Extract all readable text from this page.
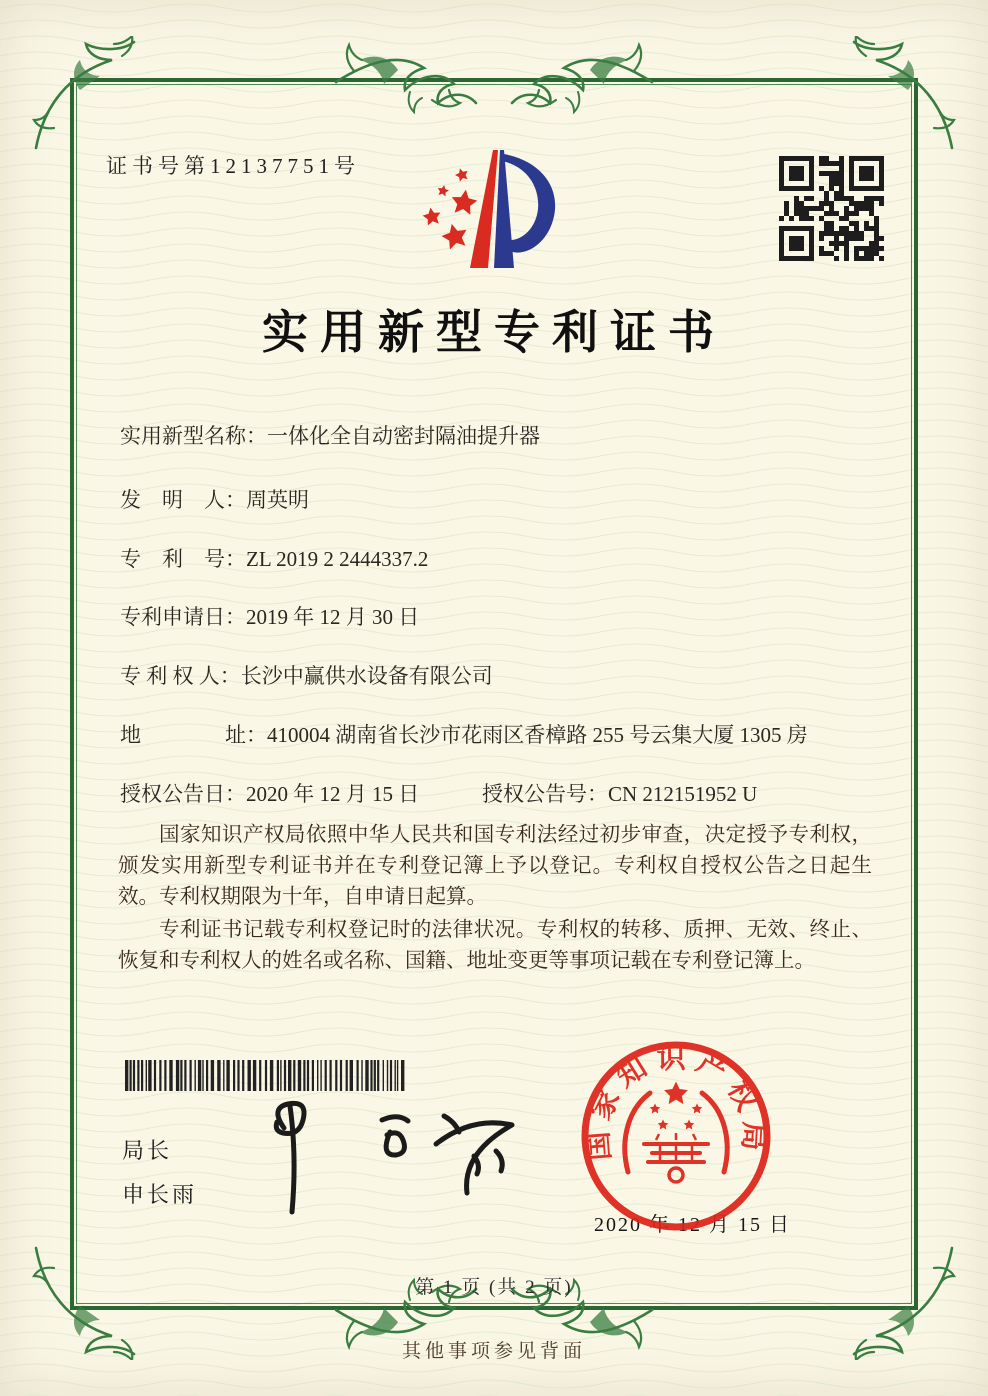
证书号第12137751号
实用新型专利证书
实用新型名称：一体化全自动密封隔油提升器
发　明　人：周英明
专　利　号：ZL 2019 2 2444337.2
专利申请日：2019 年 12 月 30 日
专 利 权 人：长沙中赢供水设备有限公司
地　　　　址：410004 湖南省长沙市花雨区香樟路 255 号云集大厦 1305 房
授权公告日：2020 年 12 月 15 日	授权公告号：CN 212151952 U

国家知识产权局依照中华人民共和国专利法经过初步审查，决定授予专利权，颁发实用新型专利证书并在专利登记簿上予以登记。专利权自授权公告之日起生效。专利权期限为十年，自申请日起算。

专利证书记载专利权登记时的法律状况。专利权的转移、质押、无效、终止、恢复和专利权人的姓名或名称、国籍、地址变更等事项记载在专利登记簿上。

局长
申长雨
2020 年 12 月 15 日
国家知识产权局
第 1 页 (共 2 页)
其他事项参见背面
